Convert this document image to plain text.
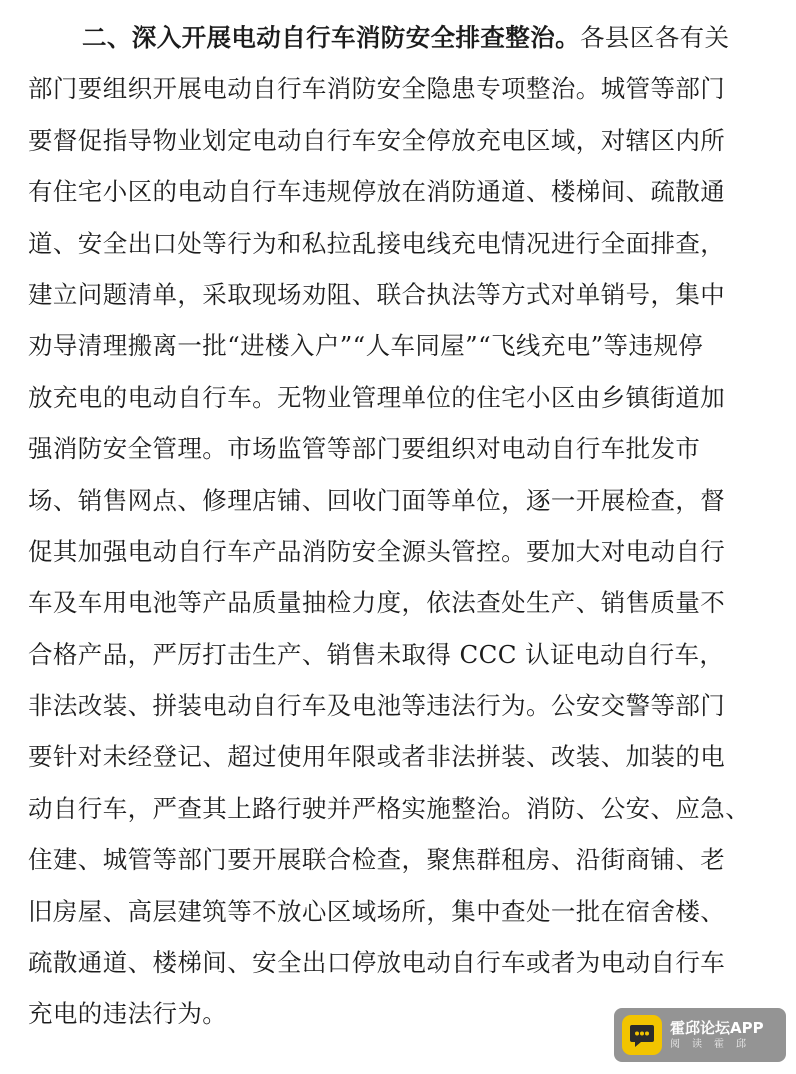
二、深入开展电动自行车消防安全排查整治。各县区各有关
部门要组织开展电动自行车消防安全隐患专项整治。城管等部门
要督促指导物业划定电动自行车安全停放充电区域，对辖区内所
有住宅小区的电动自行车违规停放在消防通道、楼梯间、疏散通
道、安全出口处等行为和私拉乱接电线充电情况进行全面排查，
建立问题清单，采取现场劝阻、联合执法等方式对单销号，集中
劝导清理搬离一批“进楼入户”“人车同屋”“飞线充电”等违规停
放充电的电动自行车。无物业管理单位的住宅小区由乡镇街道加
强消防安全管理。市场监管等部门要组织对电动自行车批发市
场、销售网点、修理店铺、回收门面等单位，逐一开展检查，督
促其加强电动自行车产品消防安全源头管控。要加大对电动自行
车及车用电池等产品质量抽检力度，依法查处生产、销售质量不
合格产品，严厉打击生产、销售未取得 CCC 认证电动自行车，
非法改装、拼装电动自行车及电池等违法行为。公安交警等部门
要针对未经登记、超过使用年限或者非法拼装、改装、加装的电
动自行车，严查其上路行驶并严格实施整治。消防、公安、应急、
住建、城管等部门要开展联合检查，聚焦群租房、沿街商铺、老
旧房屋、高层建筑等不放心区域场所，集中查处一批在宿舍楼、
疏散通道、楼梯间、安全出口停放电动自行车或者为电动自行车
充电的违法行为。	霍邱论坛APP
阅读霍邱
